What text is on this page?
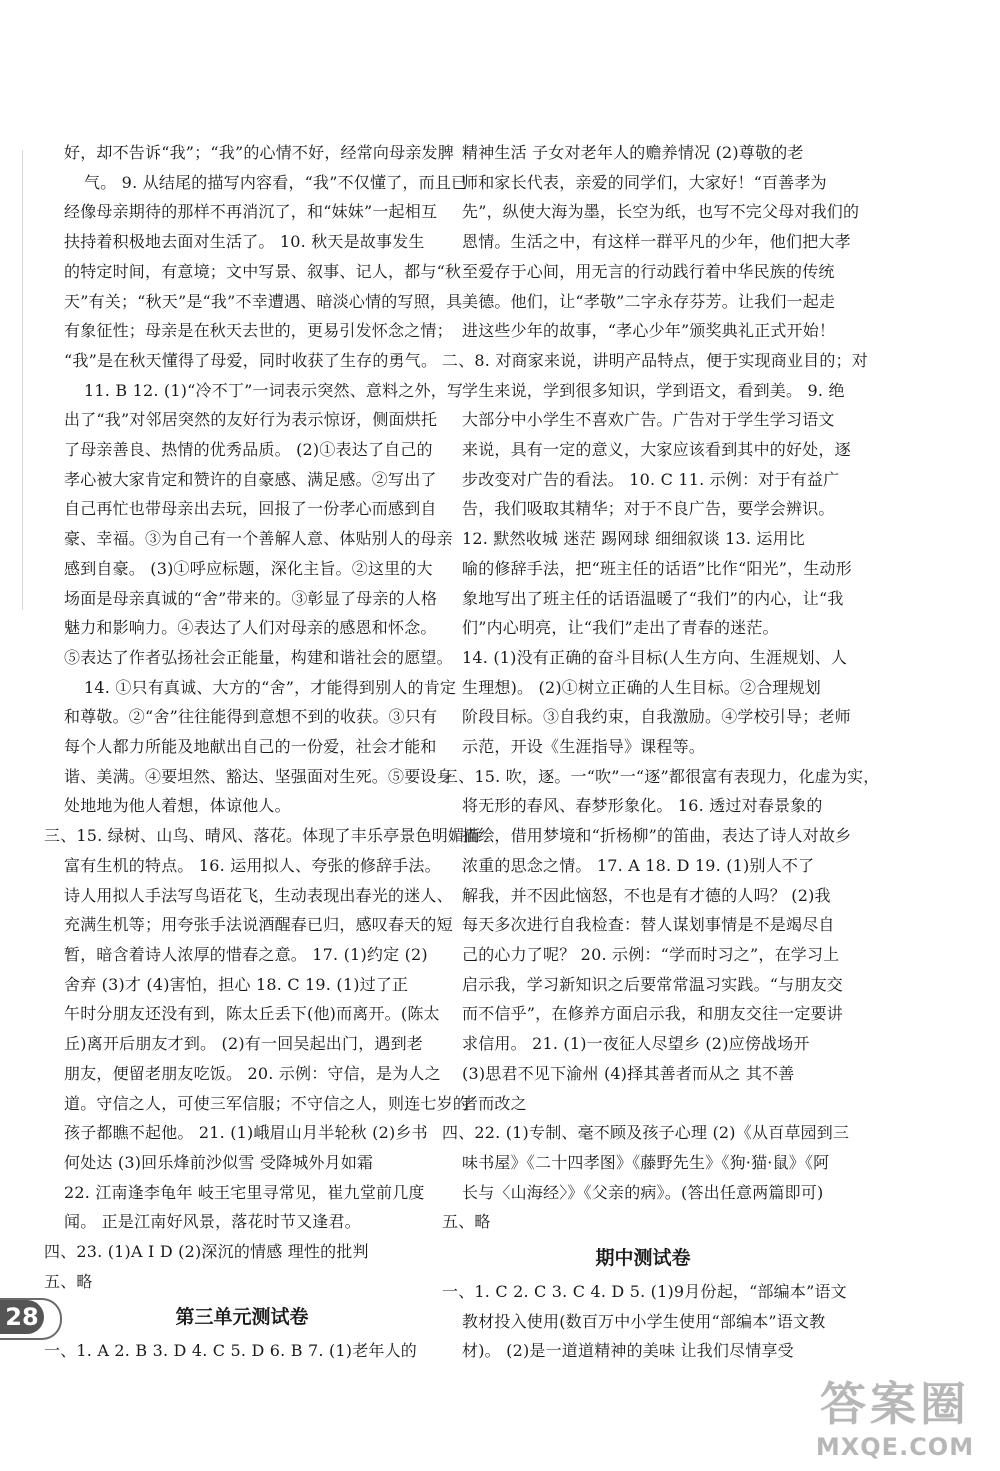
好，却不告诉“我”；“我”的心情不好，经常向母亲发脾

气。 9. 从结尾的描写内容看，“我”不仅懂了，而且已

经像母亲期待的那样不再消沉了，和“妹妹”一起相互

扶持着积极地去面对生活了。 10. 秋天是故事发生

的特定时间，有意境；文中写景、叙事、记人，都与“秋

天”有关；“秋天”是“我”不幸遭遇、暗淡心情的写照，具

有象征性；母亲是在秋天去世的，更易引发怀念之情；

“我”是在秋天懂得了母爱，同时收获了生存的勇气。

11. B 12. (1)“冷不丁”一词表示突然、意料之外，写

出了“我”对邻居突然的友好行为表示惊讶，侧面烘托

了母亲善良、热情的优秀品质。 (2)①表达了自己的

孝心被大家肯定和赞许的自豪感、满足感。②写出了

自己再忙也带母亲出去玩，回报了一份孝心而感到自

豪、幸福。③为自己有一个善解人意、体贴别人的母亲

感到自豪。 (3)①呼应标题，深化主旨。②这里的大

场面是母亲真诚的“舍”带来的。③彰显了母亲的人格

魅力和影响力。④表达了人们对母亲的感恩和怀念。

⑤表达了作者弘扬社会正能量，构建和谐社会的愿望。

14. ①只有真诚、大方的“舍”，才能得到别人的肯定

和尊敬。②“舍”往往能得到意想不到的收获。③只有

每个人都力所能及地献出自己的一份爱，社会才能和

谐、美满。④要坦然、豁达、坚强面对生死。⑤要设身

处地地为他人着想，体谅他人。

三、15. 绿树、山鸟、晴风、落花。体现了丰乐亭景色明媚而

富有生机的特点。 16. 运用拟人、夸张的修辞手法。

诗人用拟人手法写鸟语花飞，生动表现出春光的迷人、

充满生机等；用夸张手法说酒醒春已归，感叹春天的短

暂，暗含着诗人浓厚的惜春之意。 17. (1)约定 (2)

舍弃 (3)才 (4)害怕，担心 18. C 19. (1)过了正

午时分朋友还没有到，陈太丘丢下(他)而离开。(陈太

丘)离开后朋友才到。 (2)有一回吴起出门，遇到老

朋友，便留老朋友吃饭。 20. 示例：守信，是为人之

道。守信之人，可使三军信服；不守信之人，则连七岁的

孩子都瞧不起他。 21. (1)峨眉山月半轮秋 (2)乡书

何处达 (3)回乐烽前沙似雪 受降城外月如霜

22. 江南逢李龟年 岐王宅里寻常见，崔九堂前几度

闻。 正是江南好风景，落花时节又逢君。

四、23. (1)A I D (2)深沉的情感 理性的批判

五、略

第三单元测试卷

一、1. A 2. B 3. D 4. C 5. D 6. B 7. (1)老年人的

精神生活 子女对老年人的赡养情况 (2)尊敬的老

师和家长代表，亲爱的同学们，大家好！“百善孝为

先”，纵使大海为墨，长空为纸，也写不完父母对我们的

恩情。生活之中，有这样一群平凡的少年，他们把大孝

至爱存于心间，用无言的行动践行着中华民族的传统

美德。他们，让“孝敬”二字永存芬芳。让我们一起走

进这些少年的故事，“孝心少年”颁奖典礼正式开始！

二、8. 对商家来说，讲明产品特点，便于实现商业目的；对

学生来说，学到很多知识，学到语文，看到美。 9. 绝

大部分中小学生不喜欢广告。广告对于学生学习语文

来说，具有一定的意义，大家应该看到其中的好处，逐

步改变对广告的看法。 10. C 11. 示例：对于有益广

告，我们吸取其精华；对于不良广告，要学会辨识。

12. 默然收城 迷茫 踢网球 细细叙谈 13. 运用比

喻的修辞手法，把“班主任的话语”比作“阳光”，生动形

象地写出了班主任的话语温暖了“我们”的内心，让“我

们”内心明亮，让“我们”走出了青春的迷茫。

14. (1)没有正确的奋斗目标(人生方向、生涯规划、人

生理想)。 (2)①树立正确的人生目标。②合理规划

阶段目标。③自我约束，自我激励。④学校引导；老师

示范，开设《生涯指导》课程等。

三、15. 吹，逐。一“吹”一“逐”都很富有表现力，化虚为实，

将无形的春风、春梦形象化。 16. 透过对春景象的

描绘，借用梦境和“折杨柳”的笛曲，表达了诗人对故乡

浓重的思念之情。 17. A 18. D 19. (1)别人不了

解我，并不因此恼怒，不也是有才德的人吗？ (2)我

每天多次进行自我检查：替人谋划事情是不是竭尽自

己的心力了呢？ 20. 示例：“学而时习之”，在学习上

启示我，学习新知识之后要常常温习实践。“与朋友交

而不信乎”，在修养方面启示我，和朋友交往一定要讲

求信用。 21. (1)一夜征人尽望乡 (2)应傍战场开

(3)思君不见下渝州 (4)择其善者而从之 其不善

者而改之

四、22. (1)专制、毫不顾及孩子心理 (2)《从百草园到三

味书屋》《二十四孝图》《藤野先生》《狗·猫·鼠》《阿

长与〈山海经〉》《父亲的病》。(答出任意两篇即可)

五、略

期中测试卷

一、1. C 2. C 3. C 4. D 5. (1)9月份起，“部编本”语文

教材投入使用(数百万中小学生使用“部编本”语文教

材)。 (2)是一道道精神的美味 让我们尽情享受

28
答案圈
MXQE.COM
